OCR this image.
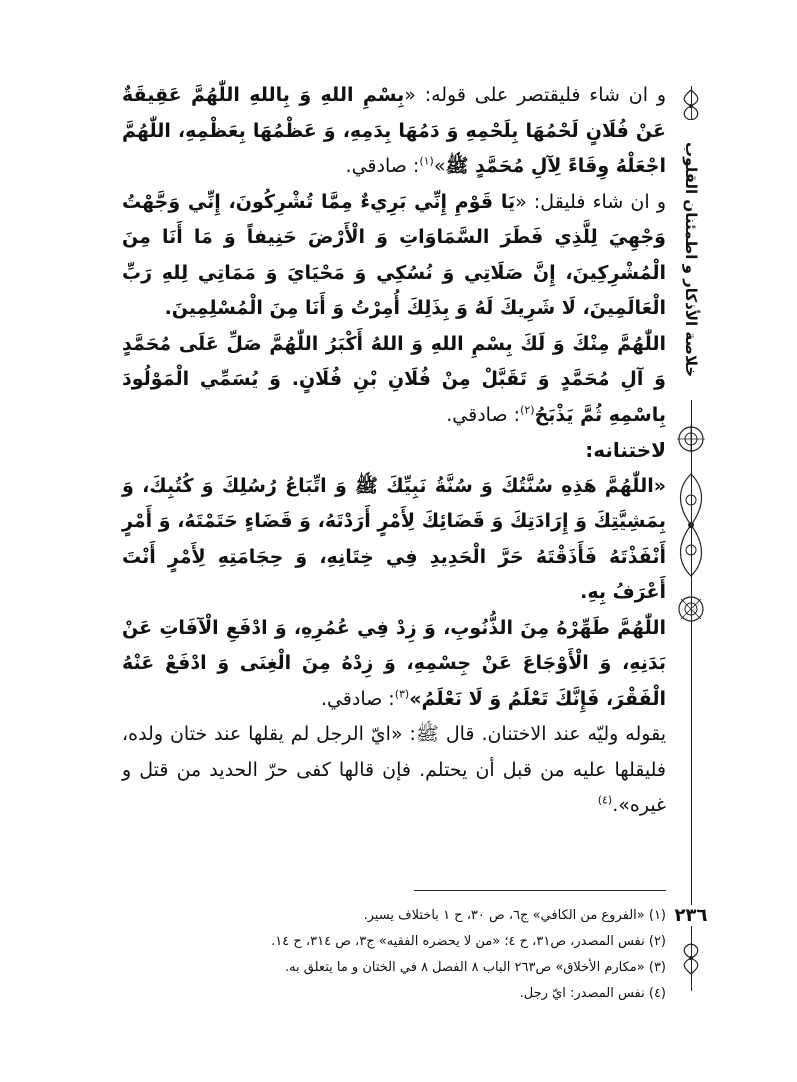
خلاصة الأذكار و اطمئنان القلوب
٢٣٦

و ان شاء فليقتصر على قوله: «بِسْمِ اللهِ وَ بِاللهِ اللّٰهُمَّ عَقِيقَةٌ عَنْ فُلَانٍ لَحْمُهَا بِلَحْمِهِ وَ دَمُهَا بِدَمِهِ، وَ عَظْمُهَا بِعَظْمِهِ، اللّٰهُمَّ اجْعَلْهُ وِقَاءً لِآلِ مُحَمَّدٍ ﷺ»$^{(١)}$: صادقي.

و ان شاء فليقل: «يَا قَوْمِ إِنِّي بَرِيءٌ مِمَّا تُشْرِكُونَ، إِنِّي وَجَّهْتُ وَجْهِيَ لِلَّذِي فَطَرَ السَّمَاوَاتِ وَ الْأَرْضَ حَنِيفاً وَ مَا أَنَا مِنَ الْمُشْرِكِينَ، إِنَّ صَلَاتِي وَ نُسُكِي وَ مَحْيَايَ وَ مَمَاتِي لِلهِ رَبِّ الْعَالَمِينَ، لَا شَرِيكَ لَهُ وَ بِذَلِكَ أُمِرْتُ وَ أَنَا مِنَ الْمُسْلِمِينَ.

اللّٰهُمَّ مِنْكَ وَ لَكَ بِسْمِ اللهِ وَ اللهُ أَكْبَرُ اللّٰهُمَّ صَلِّ عَلَى مُحَمَّدٍ وَ آلِ مُحَمَّدٍ وَ تَقَبَّلْ مِنْ فُلَانِ بْنِ فُلَانٍ. وَ يُسَمِّي الْمَوْلُودَ بِاسْمِهِ ثُمَّ يَذْبَحُ$^{(٢)}$: صادقي.

لاختنانه:

«اللّٰهُمَّ هَذِهِ سُنَّتُكَ وَ سُنَّةُ نَبِيِّكَ ﷺ وَ اتِّبَاعُ رُسُلِكَ وَ كُتُبِكَ، وَ بِمَشِيَّتِكَ وَ إِرَادَتِكَ وَ قَضَائِكَ لِأَمْرٍ أَرَدْتَهُ، وَ قَضَاءٍ حَتَمْتَهُ، وَ أَمْرٍ أَنْفَذْتَهُ فَأَذَقْتَهُ حَرَّ الْحَدِيدِ فِي خِتَانِهِ، وَ حِجَامَتِهِ لِأَمْرٍ أَنْتَ أَعْرَفُ بِهِ.

اللّٰهُمَّ طَهِّرْهُ مِنَ الذُّنُوبِ، وَ زِدْ فِي عُمُرِهِ، وَ ادْفَعِ الْآفَاتِ عَنْ بَدَنِهِ، وَ الْأَوْجَاعَ عَنْ جِسْمِهِ، وَ زِدْهُ مِنَ الْغِنَى وَ ادْفَعْ عَنْهُ الْفَقْرَ، فَإِنَّكَ تَعْلَمُ وَ لَا نَعْلَمُ»$^{(٣)}$: صادقي.

يقوله وليّه عند الاختنان. قال ﷺ: «ايّ الرجل لم يقلها عند ختان ولده، فليقلها عليه من قبل أن يحتلم. فإن قالها كفى حرّ الحديد من قتل و غيره».$^{(٤)}$

(١) «الفروع من الكافي» ج٦، ص ٣٠، ح ١ باختلاف يسير.
(٢) نفس المصدر، ص٣١، ح ٤؛ «من لا يحضره الفقيه» ج٣، ص ٣١٤، ح ١٤.
(٣) «مكارم الأخلاق» ص٢٦٣ الباب ٨ الفصل ٨ في الختان و ما يتعلق به.
(٤) نفس المصدر: ايّ رجل.
